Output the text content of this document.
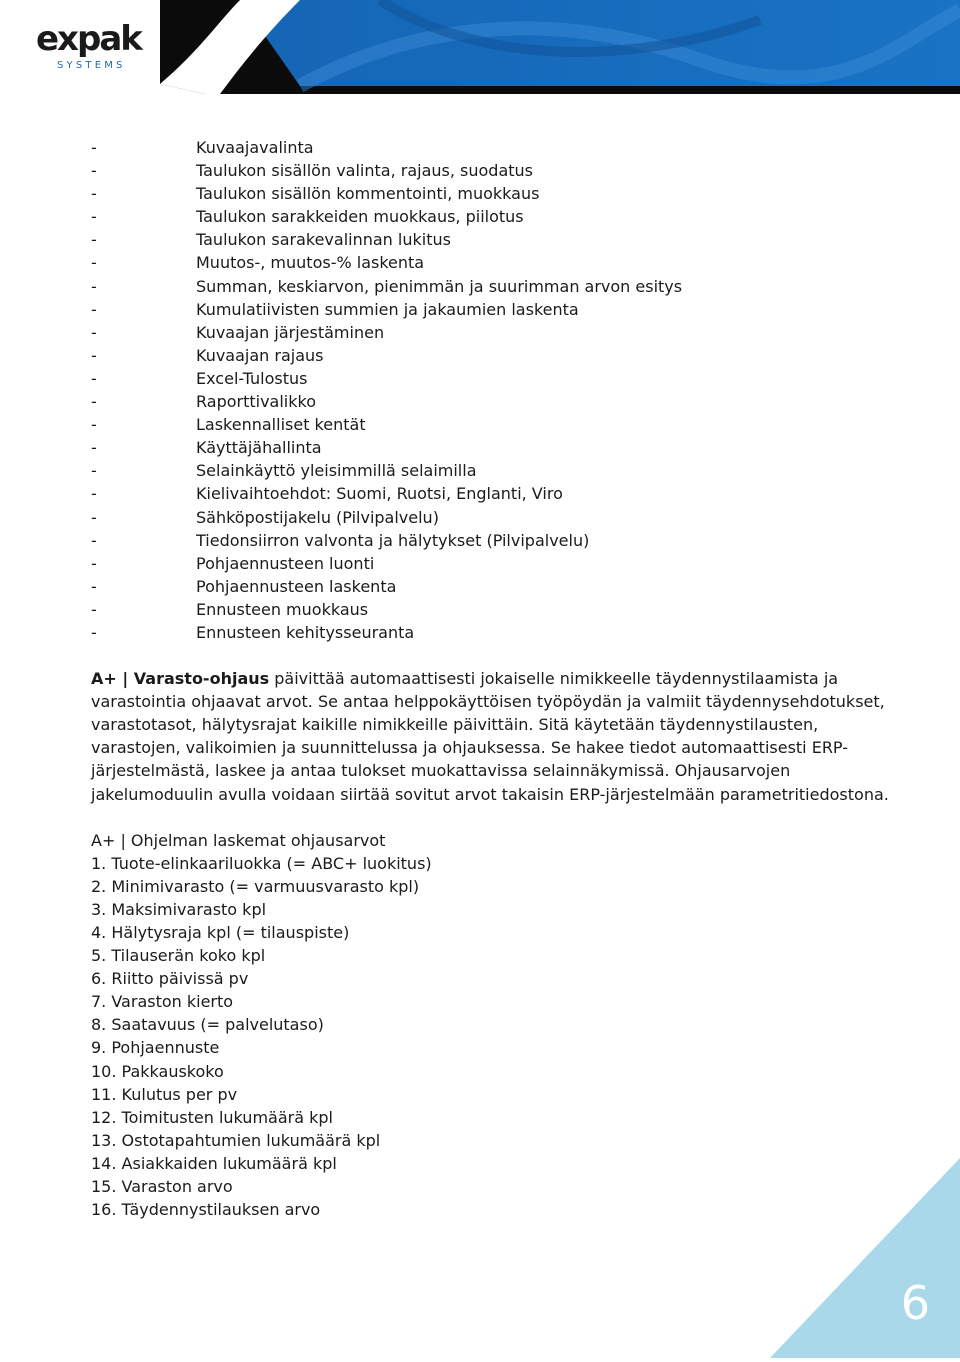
expak
SYSTEMS
-	Kuvaajavalinta
-	Taulukon sisällön valinta, rajaus, suodatus
-	Taulukon sisällön kommentointi, muokkaus
-	Taulukon sarakkeiden muokkaus, piilotus
-	Taulukon sarakevalinnan lukitus
-	Muutos-, muutos-% laskenta
-	Summan, keskiarvon, pienimmän ja suurimman arvon esitys
-	Kumulatiivisten summien ja jakaumien laskenta
-	Kuvaajan järjestäminen
-	Kuvaajan rajaus
-	Excel-Tulostus
-	Raporttivalikko
-	Laskennalliset kentät
-	Käyttäjähallinta
-	Selainkäyttö yleisimmillä selaimilla
-	Kielivaihtoehdot: Suomi, Ruotsi, Englanti, Viro
-	Sähköpostijakelu (Pilvipalvelu)
-	Tiedonsiirron valvonta ja hälytykset (Pilvipalvelu)
-	Pohjaennusteen luonti
-	Pohjaennusteen laskenta
-	Ennusteen muokkaus
-	Ennusteen kehitysseuranta
A+ | Varasto-ohjaus päivittää automaattisesti jokaiselle nimikkeelle täydennystilaamista ja
varastointia ohjaavat arvot. Se antaa helppokäyttöisen työpöydän ja valmiit täydennysehdotukset,
varastotasot, hälytysrajat kaikille nimikkeille päivittäin. Sitä käytetään täydennystilausten,
varastojen, valikoimien ja suunnittelussa ja ohjauksessa. Se hakee tiedot automaattisesti ERP-
järjestelmästä, laskee ja antaa tulokset muokattavissa selainnäkymissä. Ohjausarvojen
jakelumoduulin avulla voidaan siirtää sovitut arvot takaisin ERP-järjestelmään parametritiedostona.
A+ | Ohjelman laskemat ohjausarvot
1. Tuote-elinkaariluokka (= ABC+ luokitus)
2. Minimivarasto (= varmuusvarasto kpl)
3. Maksimivarasto kpl
4. Hälytysraja kpl (= tilauspiste)
5. Tilauserän koko kpl
6. Riitto päivissä pv
7. Varaston kierto
8. Saatavuus (= palvelutaso)
9. Pohjaennuste
10. Pakkauskoko
11. Kulutus per pv
12. Toimitusten lukumäärä kpl
13. Ostotapahtumien lukumäärä kpl
14. Asiakkaiden lukumäärä kpl
15. Varaston arvo
16. Täydennystilauksen arvo
6
